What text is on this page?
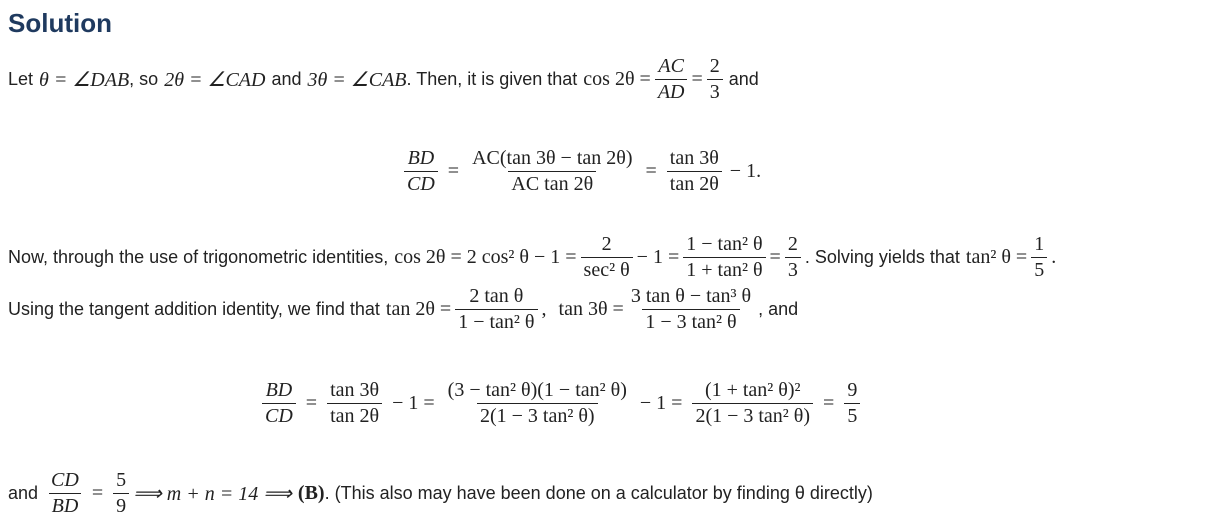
Solution
Let θ = ∠DAB , so 2θ = ∠CAD and 3θ = ∠CAB . Then, it is given that $\cos 2\theta = \frac{AC}{AD} = \frac{2}{3}$ and
$\frac{BD}{CD} = \frac{AC(\tan 3\theta - \tan 2\theta)}{\text{AC tan 2θ}} = \frac{\tan 3\theta}{\tan 2\theta} - 1$.
Now, through the use of trigonometric identities, cos 2θ = 2 cos² $\theta - 1 = \frac{2}{\text{sec² θ}} - 1 = \frac{\text{1 − tan² θ}}{\text{1 + tan² θ}} = \frac{2}{3}$ . Solving yields that tan² $\theta = \frac{1}{5}$ .
Using the tangent addition identity, we find that $\tan 2\theta = \frac{\text{2 tan θ}}{\text{1 − tan² θ}}$ , $\tan 3\theta = \frac{\text{3 tan θ − tan³ θ}}{\text{1 − 3 tan² θ}}$ , and
$\frac{BD}{CD} = \frac{\tan 3\theta}{\tan 2\theta} - 1 = \frac{\text{(3 − tan² θ)(1 − tan² θ)}}{\text{2(1 − 3 tan² θ)}} - 1 = \frac{\text{(1 + tan² θ)²}}{\text{2(1 − 3 tan² θ)}} = \frac{9}{5}$
and $\frac{CD}{BD} = \frac{5}{9}$ ⟹ m + n = 14 ⟹ (B) . (This also may have been done on a calculator by finding θ directly)
